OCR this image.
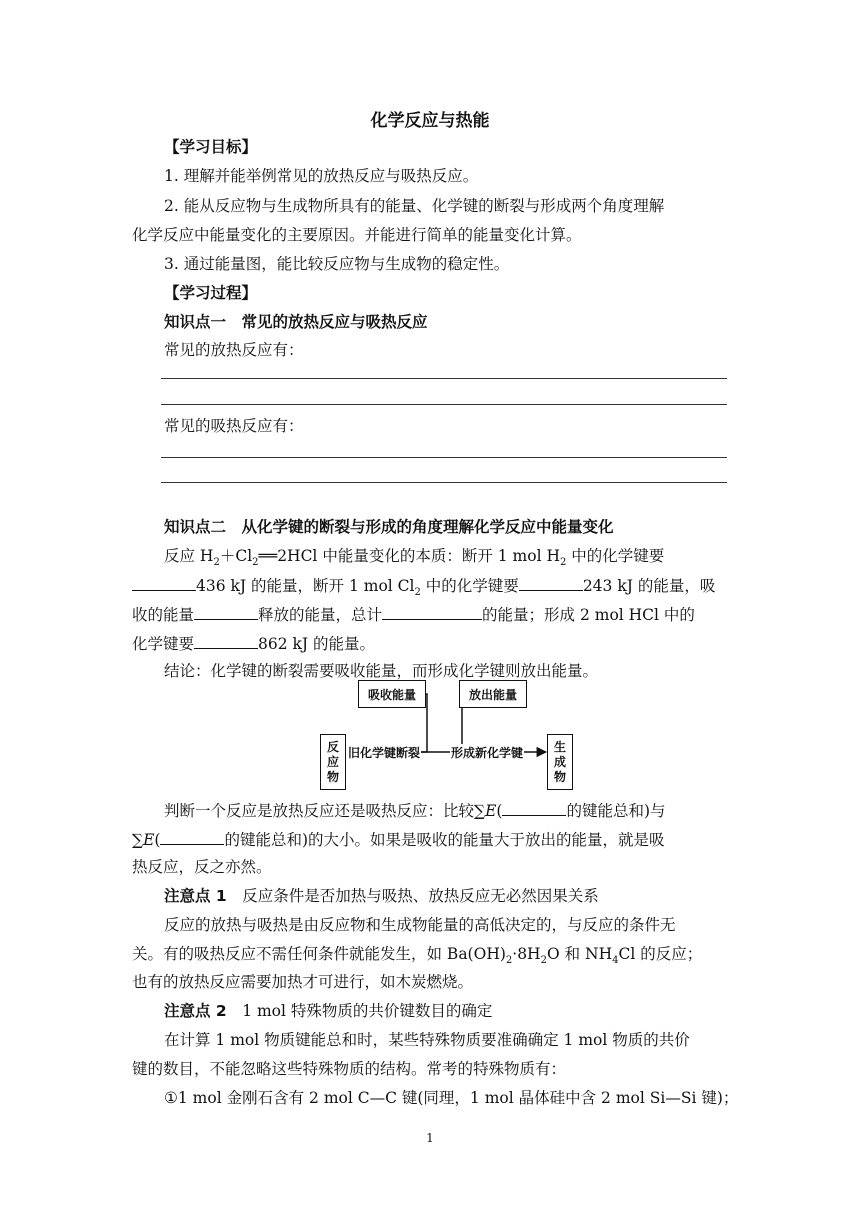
化学反应与热能
【学习目标】
1. 理解并能举例常见的放热反应与吸热反应。
2. 能从反应物与生成物所具有的能量、化学键的断裂与形成两个角度理解
化学反应中能量变化的主要原因。并能进行简单的能量变化计算。
3. 通过能量图，能比较反应物与生成物的稳定性。
【学习过程】
知识点一　常见的放热反应与吸热反应
常见的放热反应有：
常见的吸热反应有：
知识点二　从化学键的断裂与形成的角度理解化学反应中能量变化
反应 $H_2+Cl_2══2HCl$ 中能量变化的本质：断开 1 mol $H_2$ 中的化学键要
436 kJ 的能量，断开 1 mol $Cl_2$ 中的化学键要	243 kJ 的能量，吸
收的能量	释放的能量，总计	的能量；形成 2 mol HCl 中的
化学键要	862 kJ 的能量。
结论：化学键的断裂需要吸收能量，而形成化学键则放出能量。
吸收能量	放出能量
反
应
物
生
成
物
旧化学键断裂	形成新化学键
判断一个反应是放热反应还是吸热反应：比较∑E(	的键能总和)与
∑E(	的键能总和)的大小。如果是吸收的能量大于放出的能量，就是吸
热反应，反之亦然。
注意点 1　反应条件是否加热与吸热、放热反应无必然因果关系
反应的放热与吸热是由反应物和生成物能量的高低决定的，与反应的条件无
关。有的吸热反应不需任何条件就能发生，如 $Ba(OH)_2\cdot 8H_2O$ 和 $NH_4Cl$ 的反应；
也有的放热反应需要加热才可进行，如木炭燃烧。
注意点 2　1 mol 特殊物质的共价键数目的确定
在计算 1 mol 物质键能总和时，某些特殊物质要准确确定 1 mol 物质的共价
键的数目，不能忽略这些特殊物质的结构。常考的特殊物质有：
①1 mol 金刚石含有 2 mol C—C 键(同理，1 mol 晶体硅中含 2 mol Si—Si 键)；
1
